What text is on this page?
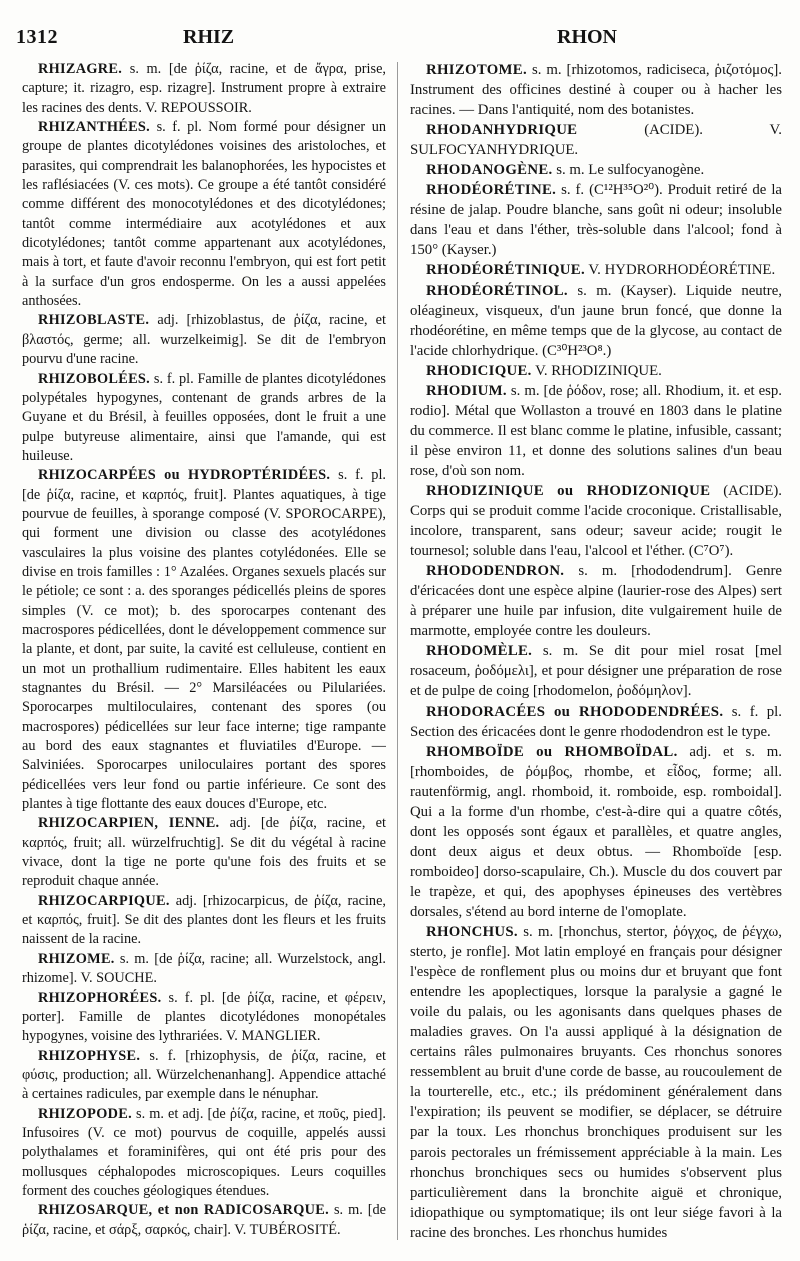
1312	RHIZ	RHON

RHIZAGRE. s. m. [de ῥίζα, racine, et de ἄγρα, prise, capture; it. rizagro, esp. rizagre]. Instrument propre à extraire les racines des dents. V. REPOUSSOIR.

RHIZANTHÉES. s. f. pl. Nom formé pour désigner un groupe de plantes dicotylédones voisines des aristoloches, et parasites, qui comprendrait les balanophorées, les hypocistes et les raflésiacées (V. ces mots). Ce groupe a été tantôt considéré comme différent des monocotylédones et des dicotylédones; tantôt comme intermédiaire aux acotylédones et aux dicotylédones; tantôt comme appartenant aux acotylédones, mais à tort, et faute d'avoir reconnu l'embryon, qui est fort petit à la surface d'un gros endosperme. On les a aussi appelées anthosées.

RHIZOBLASTE. adj. [rhizoblastus, de ῥίζα, racine, et βλαστός, germe; all. wurzelkeimig]. Se dit de l'embryon pourvu d'une racine.

RHIZOBOLÉES. s. f. pl. Famille de plantes dicotylédones polypétales hypogynes, contenant de grands arbres de la Guyane et du Brésil, à feuilles opposées, dont le fruit a une pulpe butyreuse alimentaire, ainsi que l'amande, qui est huileuse.

RHIZOCARPÉES ou HYDROPTÉRIDÉES. s. f. pl. [de ῥίζα, racine, et καρπός, fruit]. Plantes aquatiques, à tige pourvue de feuilles, à sporange composé (V. SPOROCARPE), qui forment une division ou classe des acotylédones vasculaires la plus voisine des plantes cotylédonées. Elle se divise en trois familles : 1° Azalées. Organes sexuels placés sur le pétiole; ce sont : a. des sporanges pédicellés pleins de spores simples (V. ce mot); b. des sporocarpes contenant des macrospores pédicellées, dont le développement commence sur la plante, et dont, par suite, la cavité est celluleuse, contient en un mot un prothallium rudimentaire. Elles habitent les eaux stagnantes du Brésil. — 2° Marsiléacées ou Pilulariées. Sporocarpes multiloculaires, contenant des spores (ou macrospores) pédicellées sur leur face interne; tige rampante au bord des eaux stagnantes et fluviatiles d'Europe. — Salviniées. Sporocarpes uniloculaires portant des spores pédicellées vers leur fond ou partie inférieure. Ce sont des plantes à tige flottante des eaux douces d'Europe, etc.

RHIZOCARPIEN, IENNE. adj. [de ῥίζα, racine, et καρπός, fruit; all. würzelfruchtig]. Se dit du végétal à racine vivace, dont la tige ne porte qu'une fois des fruits et se reproduit chaque année.

RHIZOCARPIQUE. adj. [rhizocarpicus, de ῥίζα, racine, et καρπός, fruit]. Se dit des plantes dont les fleurs et les fruits naissent de la racine.

RHIZOME. s. m. [de ῥίζα, racine; all. Wurzelstock, angl. rhizome]. V. SOUCHE.

RHIZOPHORÉES. s. f. pl. [de ῥίζα, racine, et φέρειν, porter]. Famille de plantes dicotylédones monopétales hypogynes, voisine des lythrariées. V. MANGLIER.

RHIZOPHYSE. s. f. [rhizophysis, de ῥίζα, racine, et φύσις, production; all. Würzelchenanhang]. Appendice attaché à certaines radicules, par exemple dans le nénuphar.

RHIZOPODE. s. m. et adj. [de ῥίζα, racine, et ποῦς, pied]. Infusoires (V. ce mot) pourvus de coquille, appelés aussi polythalames et foraminifères, qui ont été pris pour des mollusques céphalopodes microscopiques. Leurs coquilles forment des couches géologiques étendues.

RHIZOSARQUE, et non RADICOSARQUE. s. m. [de ῥίζα, racine, et σάρξ, σαρκός, chair]. V. TUBÉROSITÉ.

RHIZOTOME. s. m. [rhizotomos, radiciseca, ῥιζοτόμος]. Instrument des officines destiné à couper ou à hacher les racines. — Dans l'antiquité, nom des botanistes.

RHODANHYDRIQUE (ACIDE). V. SULFOCYANHYDRIQUE.

RHODANOGÈNE. s. m. Le sulfocyanogène.

RHODÉORÉTINE. s. f. (C¹²H³⁵O²⁰). Produit retiré de la résine de jalap. Poudre blanche, sans goût ni odeur; insoluble dans l'eau et dans l'éther, très-soluble dans l'alcool; fond à 150° (Kayser.)

RHODÉORÉTINIQUE. V. HYDRORHODÉORÉTINE.

RHODÉORÉTINOL. s. m. (Kayser). Liquide neutre, oléagineux, visqueux, d'un jaune brun foncé, que donne la rhodéorétine, en même temps que de la glycose, au contact de l'acide chlorhydrique. (C³⁰H²³O⁸.)

RHODICIQUE. V. RHODIZINIQUE.

RHODIUM. s. m. [de ῥόδον, rose; all. Rhodium, it. et esp. rodio]. Métal que Wollaston a trouvé en 1803 dans le platine du commerce. Il est blanc comme le platine, infusible, cassant; il pèse environ 11, et donne des solutions salines d'un beau rose, d'où son nom.

RHODIZINIQUE ou RHODIZONIQUE (ACIDE). Corps qui se produit comme l'acide croconique. Cristallisable, incolore, transparent, sans odeur; saveur acide; rougit le tournesol; soluble dans l'eau, l'alcool et l'éther. (C⁷O⁷).

RHODODENDRON. s. m. [rhododendrum]. Genre d'éricacées dont une espèce alpine (laurier-rose des Alpes) sert à préparer une huile par infusion, dite vulgairement huile de marmotte, employée contre les douleurs.

RHODOMÈLE. s. m. Se dit pour miel rosat [mel rosaceum, ῥοδόμελι], et pour désigner une préparation de rose et de pulpe de coing [rhodomelon, ῥοδόμηλον].

RHODORACÉES ou RHODODENDRÉES. s. f. pl. Section des éricacées dont le genre rhododendron est le type.

RHOMBOÏDE ou RHOMBOÏDAL. adj. et s. m. [rhomboides, de ῥόμβος, rhombe, et εἶδος, forme; all. rautenförmig, angl. rhomboid, it. romboide, esp. romboidal]. Qui a la forme d'un rhombe, c'est-à-dire qui a quatre côtés, dont les opposés sont égaux et parallèles, et quatre angles, dont deux aigus et deux obtus. — Rhomboïde [esp. romboideo] dorso-scapulaire, Ch.). Muscle du dos couvert par le trapèze, et qui, des apophyses épineuses des vertèbres dorsales, s'étend au bord interne de l'omoplate.

RHONCHUS. s. m. [rhonchus, stertor, ῥόγχος, de ῥέγχω, sterto, je ronfle]. Mot latin employé en français pour désigner l'espèce de ronflement plus ou moins dur et bruyant que font entendre les apoplectiques, lorsque la paralysie a gagné le voile du palais, ou les agonisants dans quelques phases de maladies graves. On l'a aussi appliqué à la désignation de certains râles pulmonaires bruyants. Ces rhonchus sonores ressemblent au bruit d'une corde de basse, au roucoulement de la tourterelle, etc., etc.; ils prédominent généralement dans l'expiration; ils peuvent se modifier, se déplacer, se détruire par la toux. Les rhonchus bronchiques produisent sur les parois pectorales un frémissement appréciable à la main. Les rhonchus bronchiques secs ou humides s'observent plus particulièrement dans la bronchite aiguë et chronique, idiopathique ou symptomatique; ils ont leur siége favori à la racine des bronches. Les rhonchus humides
